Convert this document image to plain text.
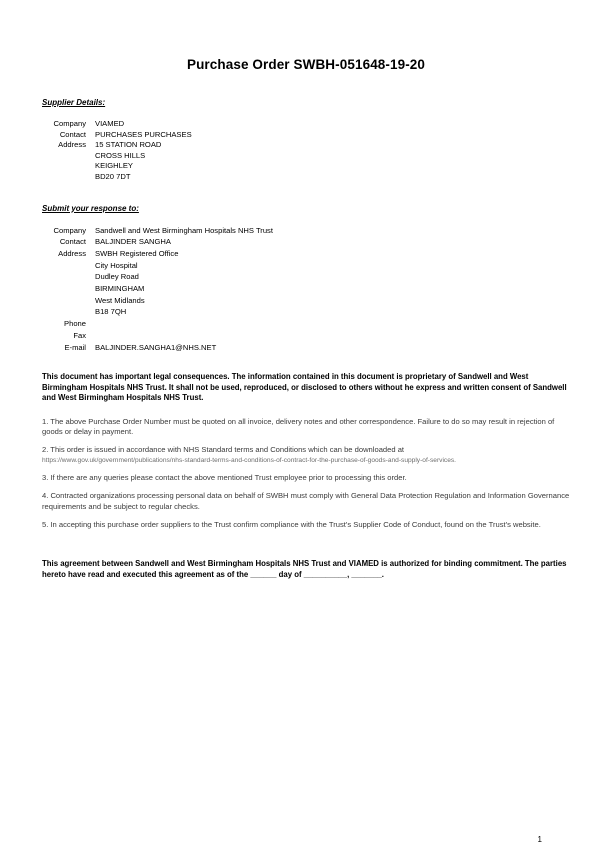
Purchase Order SWBH-051648-19-20
Supplier Details:
Company VIAMED
Contact PURCHASES PURCHASES
Address 15 STATION ROAD
CROSS HILLS
KEIGHLEY
BD20 7DT
Submit your response to:
Company Sandwell and West Birmingham Hospitals NHS Trust
Contact BALJINDER SANGHA
Address SWBH Registered Office
City Hospital
Dudley Road
BIRMINGHAM
West Midlands
B18 7QH
Phone
Fax
E-mail BALJINDER.SANGHA1@NHS.NET
This document has important legal consequences. The information contained in this document is proprietary of Sandwell and West Birmingham Hospitals NHS Trust. It shall not be used, reproduced, or disclosed to others without he express and written consent of Sandwell and West Birmingham Hospitals NHS Trust.
1. The above Purchase Order Number must be quoted on all invoice, delivery notes and other correspondence. Failure to do so may result in rejection of goods or delay in payment.
2. This order is issued in accordance with NHS Standard terms and Conditions which can be downloaded at
https://www.gov.uk/government/publications/nhs-standard-terms-and-conditions-of-contract-for-the-purchase-of-goods-and-supply-of-services.
3. If there are any queries please contact the above mentioned Trust employee prior to processing this order.
4. Contracted organizations processing personal data on behalf of SWBH must comply with General Data Protection Regulation and Information Governance requirements and be subject to regular checks.
5. In accepting this purchase order suppliers to the Trust confirm compliance with the Trust's Supplier Code of Conduct, found on the Trust's website.
This agreement between Sandwell and West Birmingham Hospitals NHS Trust and VIAMED is authorized for binding commitment. The parties hereto have read and executed this agreement as of the ______ day of __________, _______.
1
